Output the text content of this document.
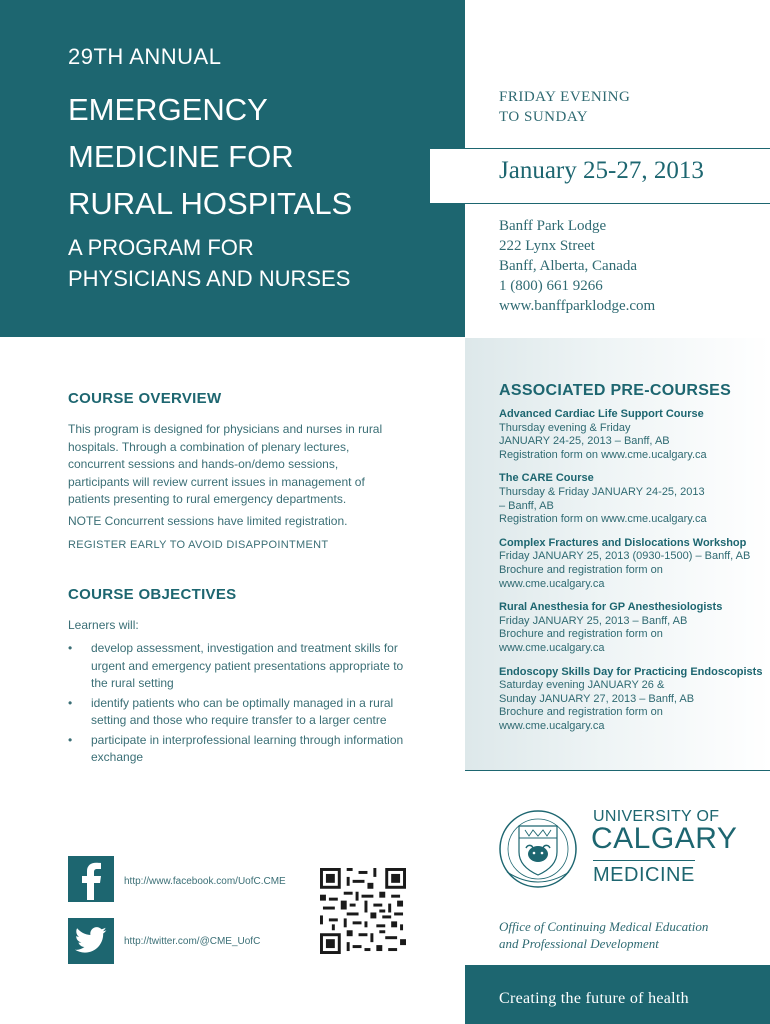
29TH ANNUAL
EMERGENCY
MEDICINE FOR
RURAL HOSPITALS
A PROGRAM FOR
PHYSICIANS AND NURSES
FRIDAY EVENING
TO SUNDAY
January 25-27, 2013
Banff Park Lodge
222 Lynx Street
Banff, Alberta, Canada
1 (800) 661 9266
www.banffparklodge.com
ASSOCIATED PRE-COURSES
Advanced Cardiac Life Support Course
Thursday evening & Friday
JANUARY 24-25, 2013 – Banff, AB
Registration form on www.cme.ucalgary.ca
The CARE Course
Thursday & Friday JANUARY 24-25, 2013
– Banff, AB
Registration form on www.cme.ucalgary.ca
Complex Fractures and Dislocations Workshop
Friday JANUARY 25, 2013 (0930-1500) – Banff, AB
Brochure and registration form on
www.cme.ucalgary.ca
Rural Anesthesia for GP Anesthesiologists
Friday JANUARY 25, 2013 – Banff, AB
Brochure and registration form on
www.cme.ucalgary.ca
Endoscopy Skills Day for Practicing Endoscopists
Saturday evening JANUARY 26 &
Sunday JANUARY 27, 2013 – Banff, AB
Brochure and registration form on
www.cme.ucalgary.ca
COURSE OVERVIEW
This program is designed for physicians and nurses in rural hospitals. Through a combination of plenary lectures, concurrent sessions and hands-on/demo sessions, participants will review current issues in management of patients presenting to rural emergency departments.
NOTE Concurrent sessions have limited registration.
REGISTER EARLY TO AVOID DISAPPOINTMENT
COURSE OBJECTIVES
Learners will:
• develop assessment, investigation and treatment skills for urgent and emergency patient presentations appropriate to the rural setting
• identify patients who can be optimally managed in a rural setting and those who require transfer to a larger centre
• participate in interprofessional learning through information exchange
http://www.facebook.com/UofC.CME
http://twitter.com/@CME_UofC
UNIVERSITY OF
CALGARY
MEDICINE
Office of Continuing Medical Education
and Professional Development
Creating the future of health
